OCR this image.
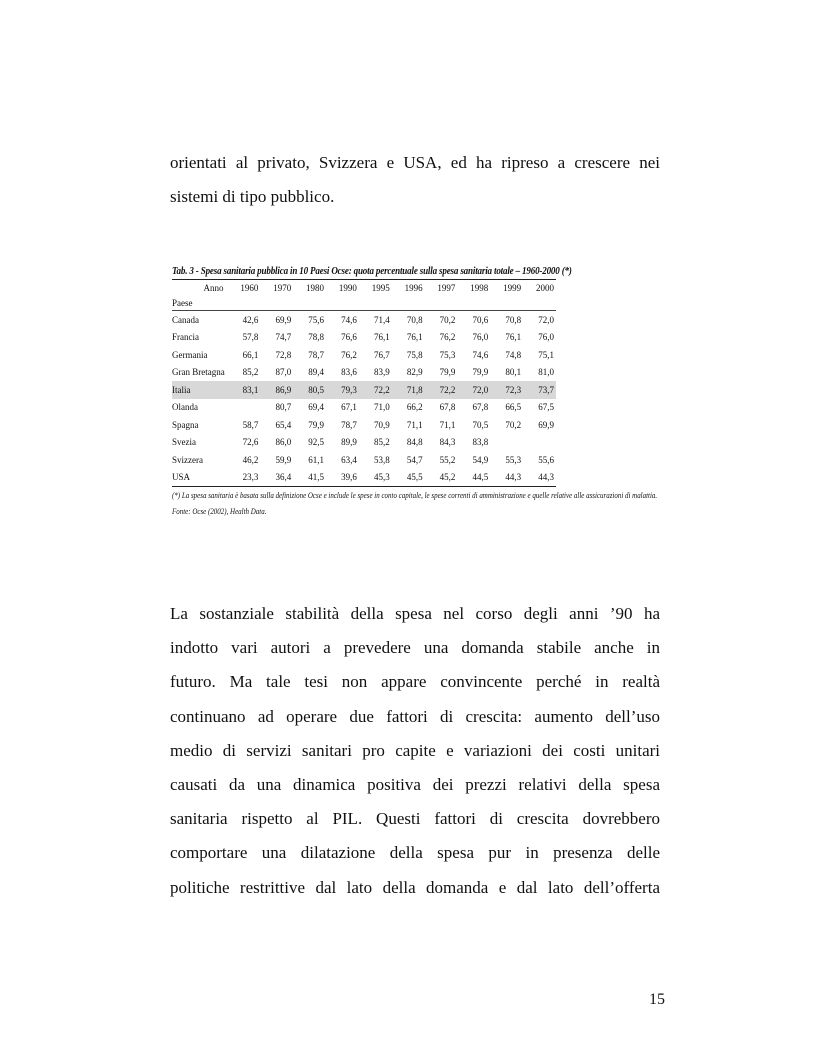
orientati al privato, Svizzera e USA, ed ha ripreso a crescere nei
sistemi di tipo pubblico.
Tab. 3 - Spesa sanitaria pubblica in 10 Paesi Ocse: quota percentuale sulla spesa sanitaria totale – 1960-2000 (*)
Anno	1960	1970	1980	1990	1995	1996	1997	1998	1999	2000
Paese										
Canada	42,6	69,9	75,6	74,6	71,4	70,8	70,2	70,6	70,8	72,0
Francia	57,8	74,7	78,8	76,6	76,1	76,1	76,2	76,0	76,1	76,0
Germania	66,1	72,8	78,7	76,2	76,7	75,8	75,3	74,6	74,8	75,1
Gran Bretagna	85,2	87,0	89,4	83,6	83,9	82,9	79,9	79,9	80,1	81,0
Italia	83,1	86,9	80,5	79,3	72,2	71,8	72,2	72,0	72,3	73,7
Olanda		80,7	69,4	67,1	71,0	66,2	67,8	67,8	66,5	67,5
Spagna	58,7	65,4	79,9	78,7	70,9	71,1	71,1	70,5	70,2	69,9
Svezia	72,6	86,0	92,5	89,9	85,2	84,8	84,3	83,8		
Svizzera	46,2	59,9	61,1	63,4	53,8	54,7	55,2	54,9	55,3	55,6
USA	23,3	36,4	41,5	39,6	45,3	45,5	45,2	44,5	44,3	44,3
(*) La spesa sanitaria è basata sulla definizione Ocse e include le spese in conto capitale, le spese correnti di amministrazione e quelle relative alle assicurazioni di malattia.
Fonte: Ocse (2002), Health Data.
La sostanziale stabilità della spesa nel corso degli anni ’90 ha
indotto vari autori a prevedere una domanda stabile anche in
futuro. Ma tale tesi non appare convincente perché in realtà
continuano ad operare due fattori di crescita: aumento dell’uso
medio di servizi sanitari pro capite e variazioni dei costi unitari
causati da una dinamica positiva dei prezzi relativi della spesa
sanitaria rispetto al PIL. Questi fattori di crescita dovrebbero
comportare una dilatazione della spesa pur in presenza delle
politiche restrittive dal lato della domanda e dal lato dell’offerta
15
